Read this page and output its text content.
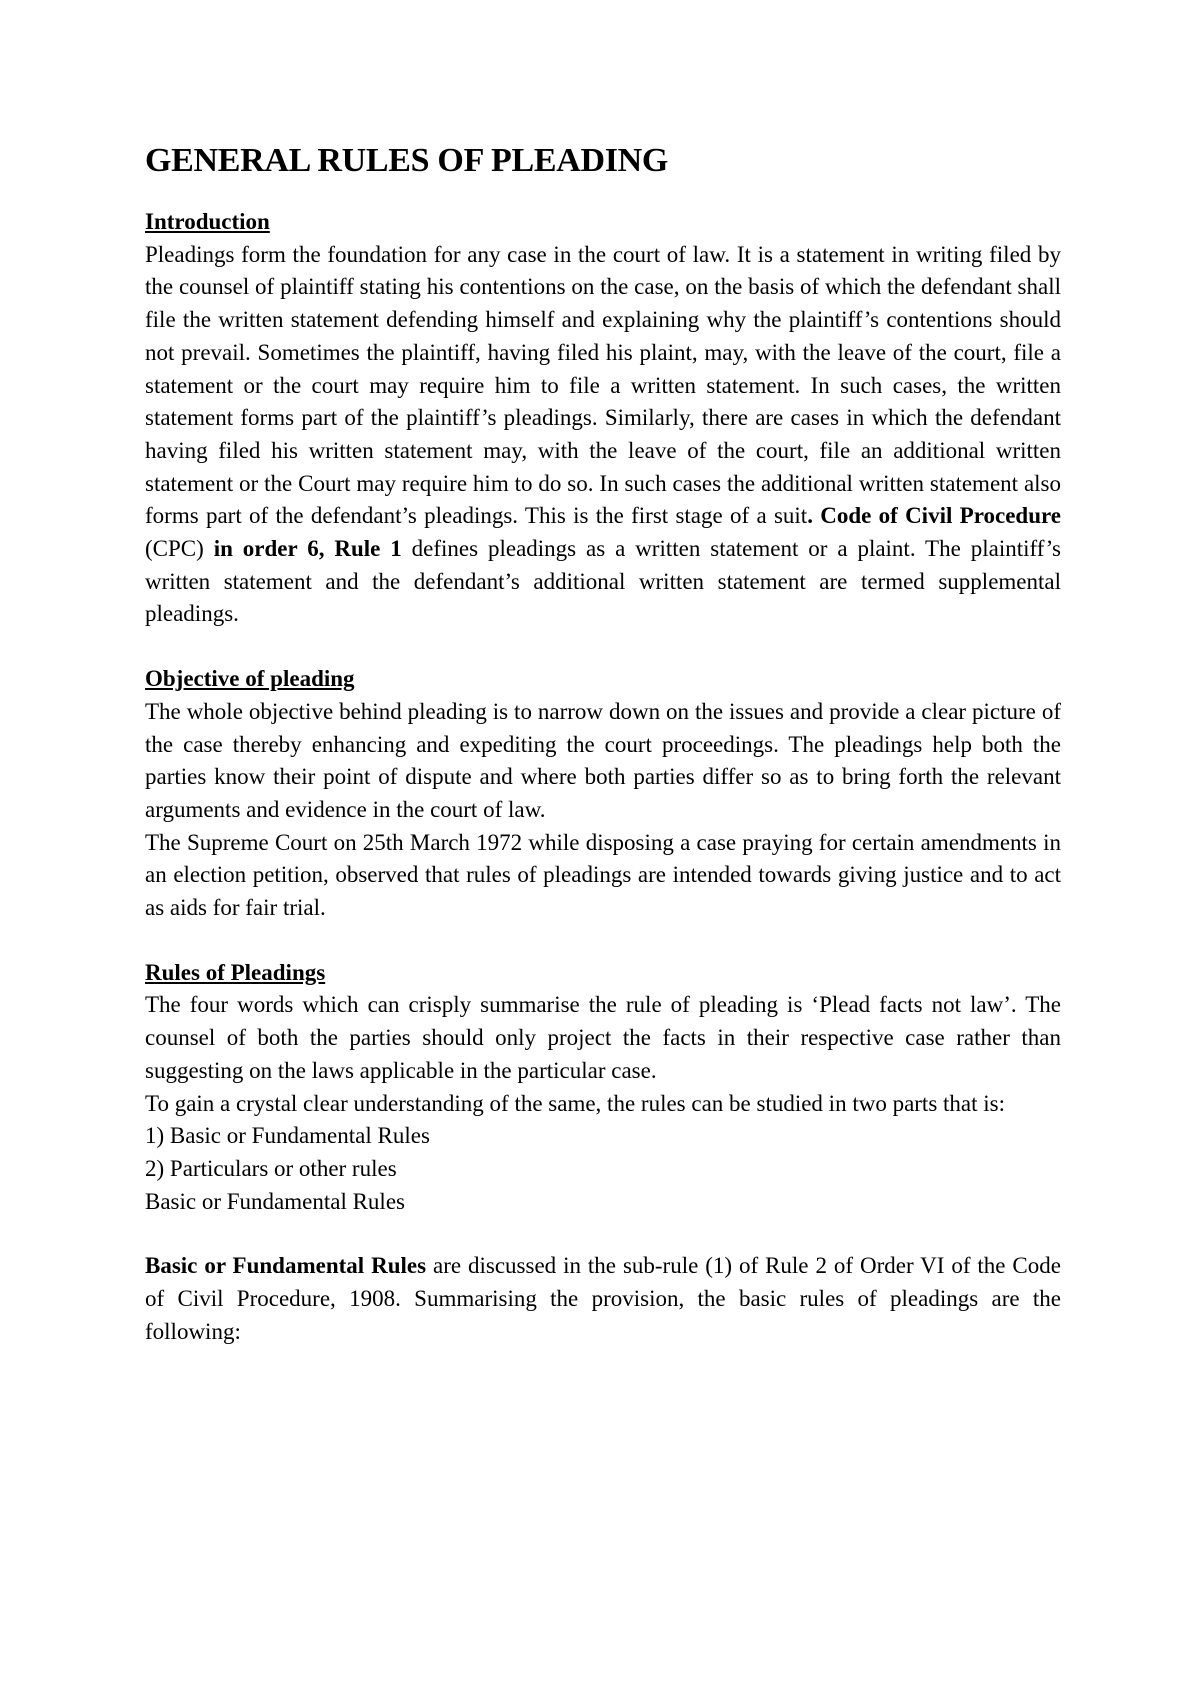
GENERAL RULES OF PLEADING

Introduction

Pleadings form the foundation for any case in the court of law. It is a statement in writing filed by the counsel of plaintiff stating his contentions on the case, on the basis of which the defendant shall file the written statement defending himself and explaining why the plaintiff’s contentions should not prevail. Sometimes the plaintiff, having filed his plaint, may, with the leave of the court, file a statement or the court may require him to file a written statement. In such cases, the written statement forms part of the plaintiff’s pleadings. Similarly, there are cases in which the defendant having filed his written statement may, with the leave of the court, file an additional written statement or the Court may require him to do so. In such cases the additional written statement also forms part of the defendant’s pleadings. This is the first stage of a suit. Code of Civil Procedure (CPC) in order 6, Rule 1 defines pleadings as a written statement or a plaint. The plaintiff’s written statement and the defendant’s additional written statement are termed supplemental pleadings.

Objective of pleading

The whole objective behind pleading is to narrow down on the issues and provide a clear picture of the case thereby enhancing and expediting the court proceedings. The pleadings help both the parties know their point of dispute and where both parties differ so as to bring forth the relevant arguments and evidence in the court of law.

The Supreme Court on 25th March 1972 while disposing a case praying for certain amendments in an election petition, observed that rules of pleadings are intended towards giving justice and to act as aids for fair trial.

Rules of Pleadings

The four words which can crisply summarise the rule of pleading is ‘Plead facts not law’. The counsel of both the parties should only project the facts in their respective case rather than suggesting on the laws applicable in the particular case.

To gain a crystal clear understanding of the same, the rules can be studied in two parts that is:

1) Basic or Fundamental Rules

2) Particulars or other rules

Basic or Fundamental Rules

Basic or Fundamental Rules are discussed in the sub-rule (1) of Rule 2 of Order VI of the Code of Civil Procedure, 1908. Summarising the provision, the basic rules of pleadings are the following:
